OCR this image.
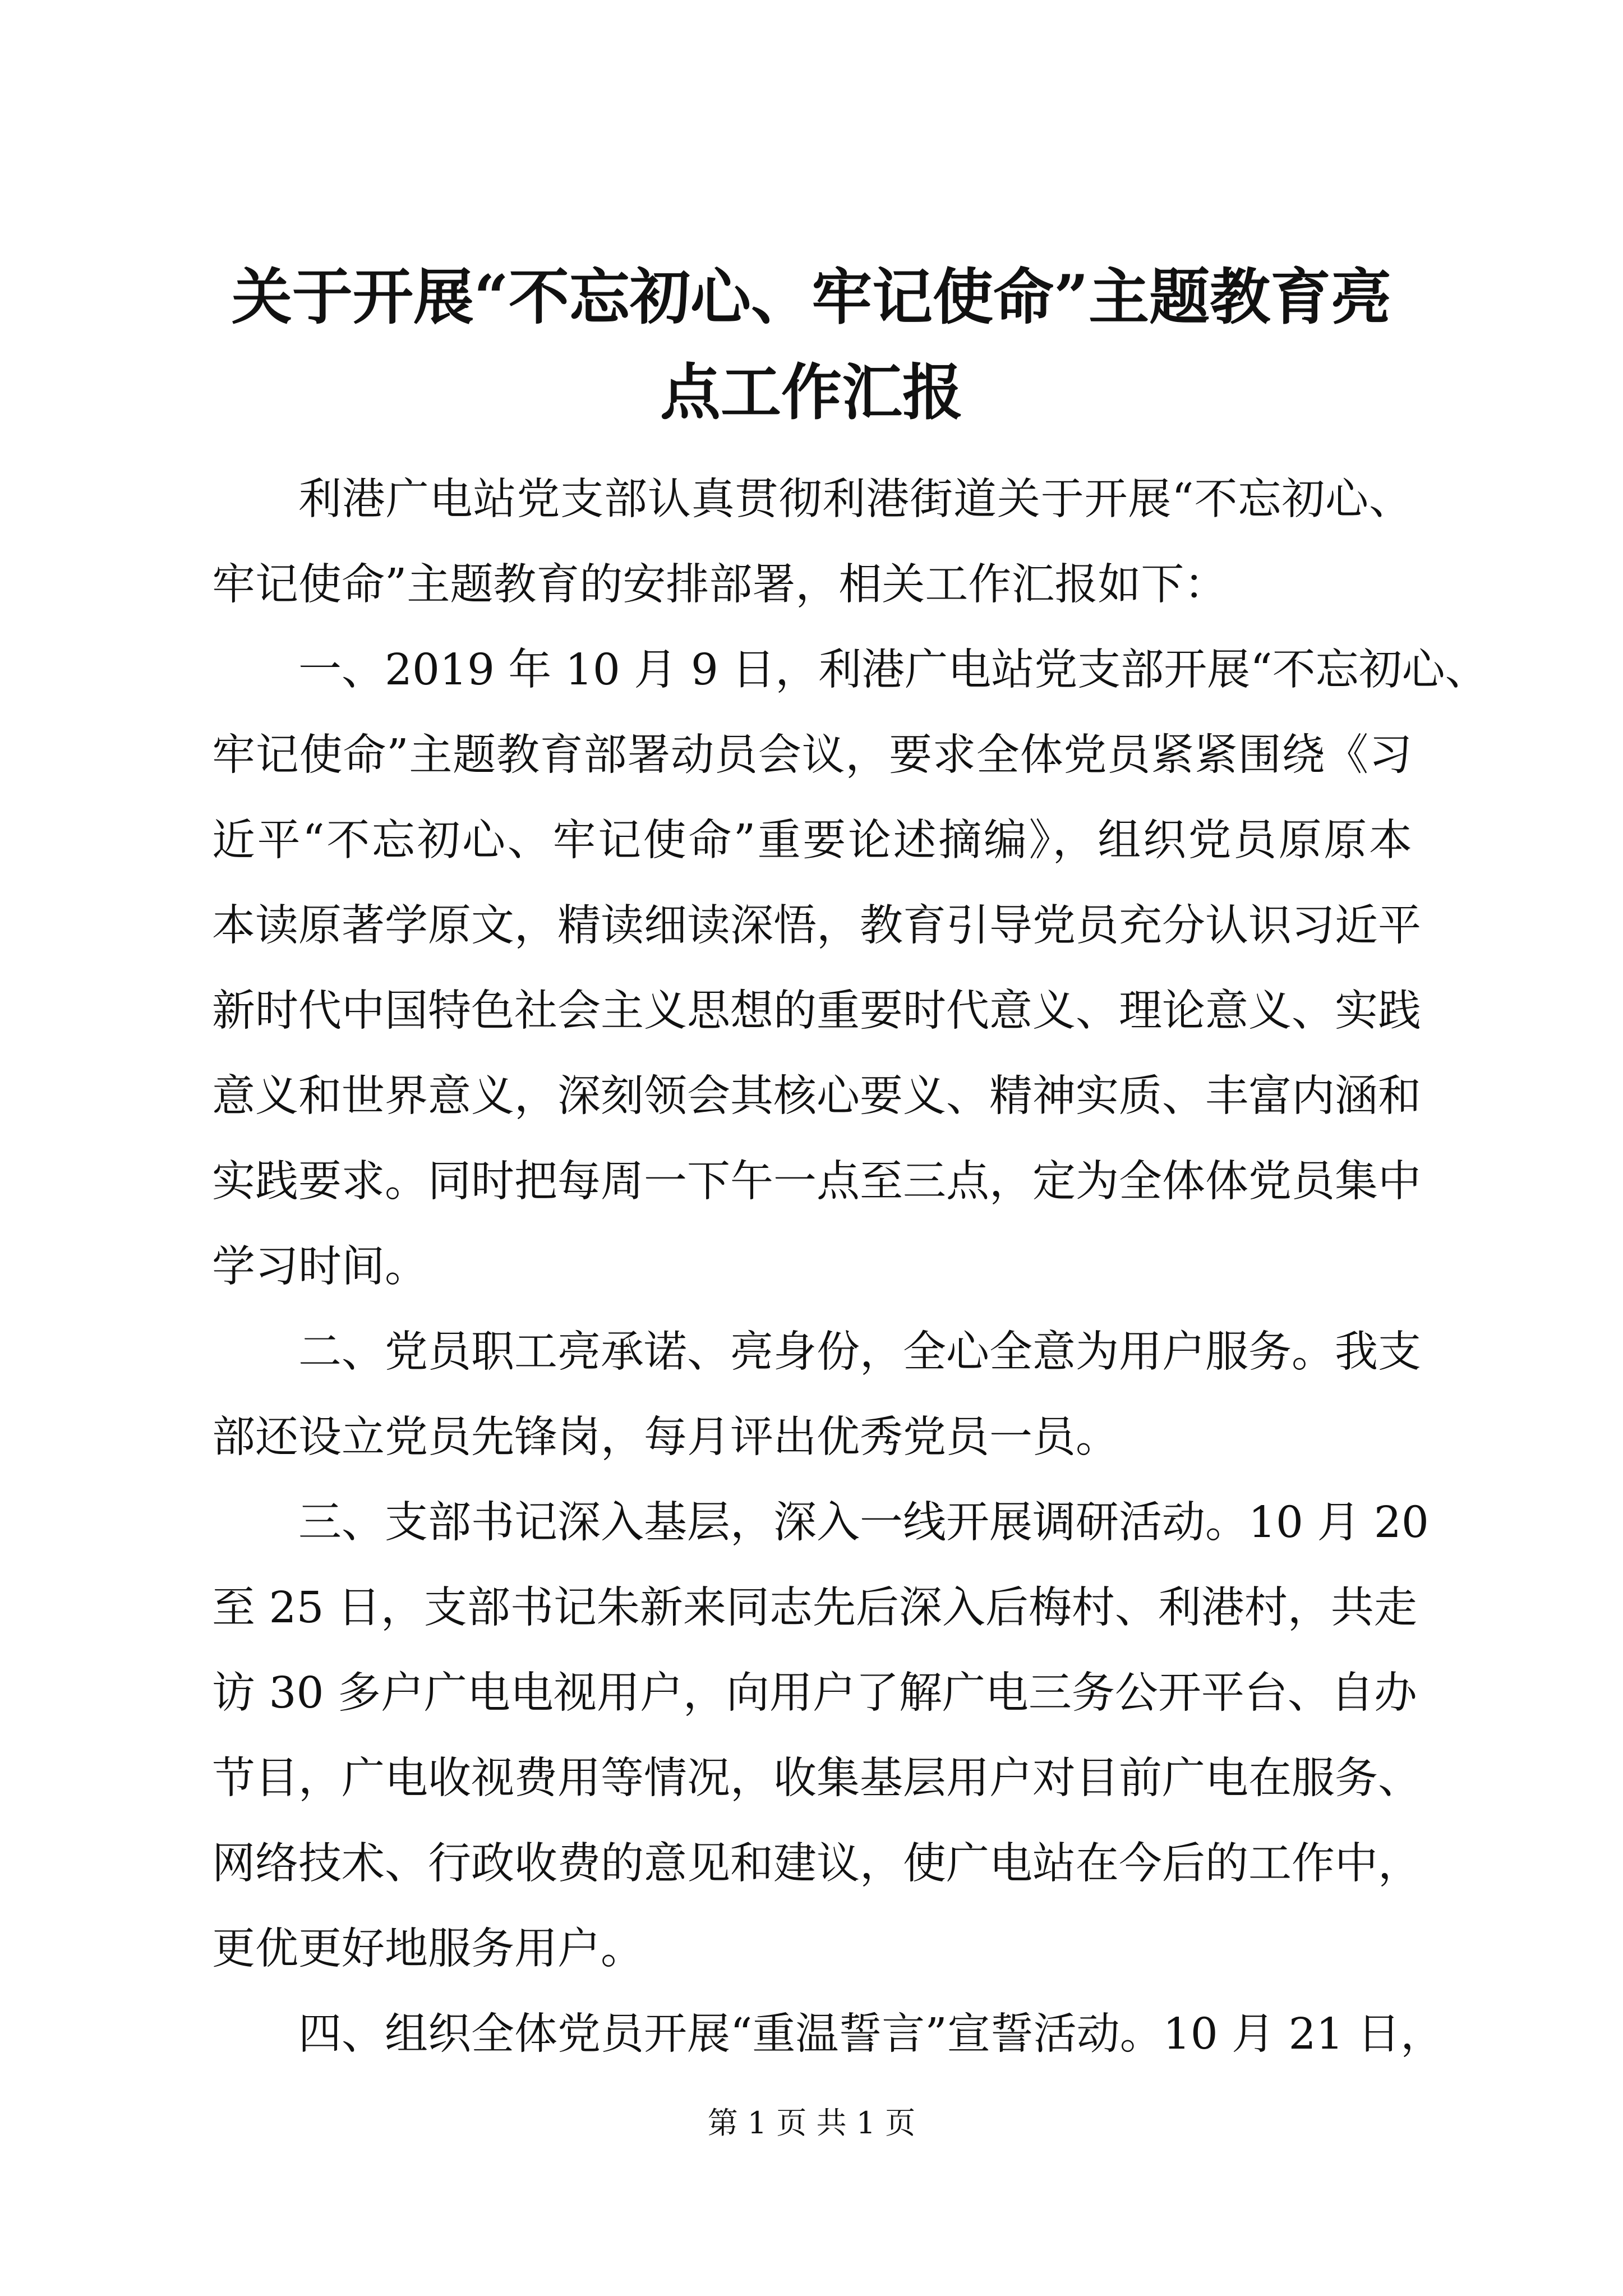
关于开展“不忘初心、牢记使命”主题教育亮
点工作汇报
利港广电站党支部认真贯彻利港街道关于开展“不忘初心、
牢记使命”主题教育的安排部署，相关工作汇报如下：
一、2019 年 10 月 9 日，利港广电站党支部开展“不忘初心、
牢记使命”主题教育部署动员会议，要求全体党员紧紧围绕《习
近平“不忘初心、牢记使命”重要论述摘编》，组织党员原原本
本读原著学原文，精读细读深悟，教育引导党员充分认识习近平
新时代中国特色社会主义思想的重要时代意义、理论意义、实践
意义和世界意义，深刻领会其核心要义、精神实质、丰富内涵和
实践要求。同时把每周一下午一点至三点，定为全体体党员集中
学习时间。
二、党员职工亮承诺、亮身份，全心全意为用户服务。我支
部还设立党员先锋岗，每月评出优秀党员一员。
三、支部书记深入基层，深入一线开展调研活动。10 月 20
至 25 日，支部书记朱新来同志先后深入后梅村、利港村，共走
访 30 多户广电电视用户，向用户了解广电三务公开平台、自办
节目，广电收视费用等情况，收集基层用户对目前广电在服务、
网络技术、行政收费的意见和建议，使广电站在今后的工作中，
更优更好地服务用户。
四、组织全体党员开展“重温誓言”宣誓活动。10 月 21 日，
第 1 页 共 1 页
